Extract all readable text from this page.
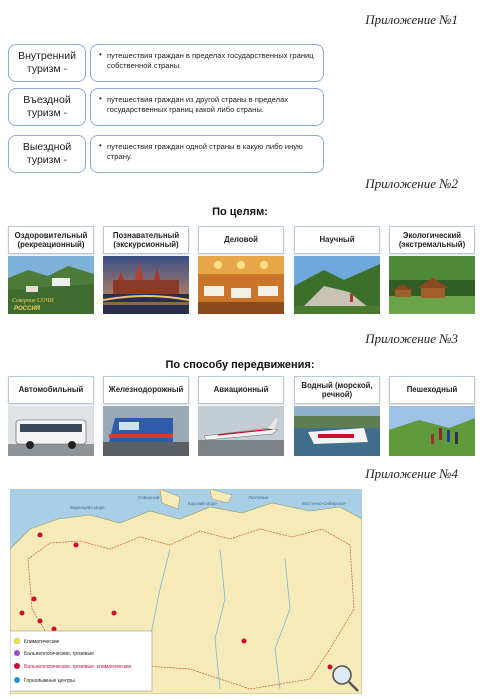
Приложение №1
Внутренний туризм -
• путешествия граждан в пределах государственных границ собственной страны.
Въездной туризм -
• путешествия граждан из другой страны в пределах государственных границ какой либо страны.
Выездной туризм -
• путешествия граждан одной страны в какую либо иную страну.
Приложение №2
По целям:
Оздоровительный (рекреационный)
Северное СОЧИ
РОССИЯ
Познавательный (экскурсионный)
Деловой	Научный
Экологический (экстремальный)
Приложение №3
По способу передвижения:
Автомобильный	Железнодорожный	Авиационный
Водный (морской, речной)
Пешеходный
Приложение №4
Северный
Баренцево море
Карский море
Лаптевых
Восточно-Сибирское
Климатические
Бальнеологические, грязевые
Бальнеологические, грязевые, климатические
Горнолыжные центры
